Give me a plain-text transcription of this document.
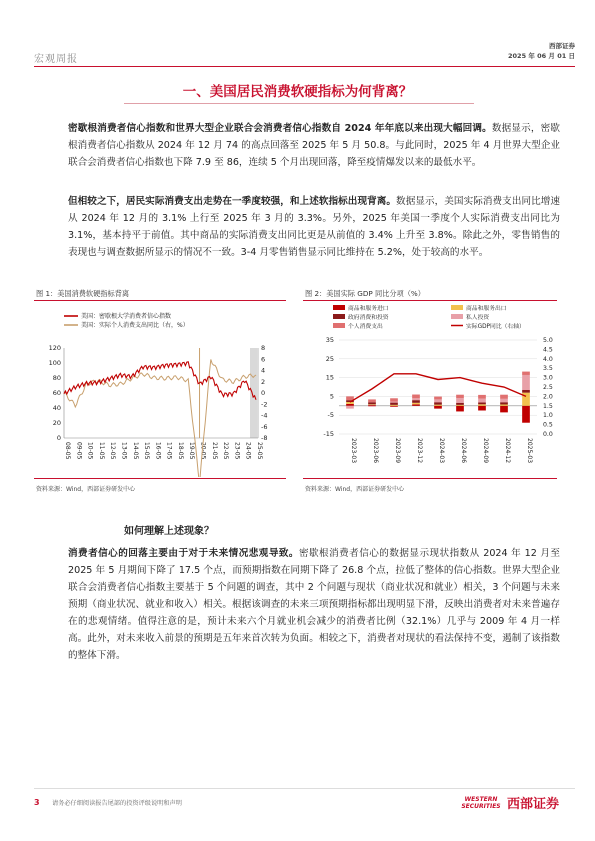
宏观周报
西部证券
2025 年 06 月 01 日
一、美国居民消费软硬指标为何背离？

密歇根消费者信心指数和世界大型企业联合会消费者信心指数自 2024 年年底以来出现大幅回调。数据显示，密歇根消费者信心指数从 2024 年 12 月 74 的高点回落至 2025 年 5 月 50.8。与此同时，2025 年 4 月世界大型企业联合会消费者信心指数也下降 7.9 至 86，连续 5 个月出现回落，降至疫情爆发以来的最低水平。

但相较之下，居民实际消费支出走势在一季度较强，和上述软指标出现背离。数据显示，美国实际消费支出同比增速从 2024 年 12 月的 3.1% 上行至 2025 年 3 月的 3.3%。另外，2025 年美国一季度个人实际消费支出同比为 3.1%，基本持平于前值。其中商品的实际消费支出同比更是从前值的 3.4% 上升至 3.8%。除此之外，零售销售的表现也与调查数据所显示的情况不一致。3-4 月零售销售显示同比维持在 5.2%，处于较高的水平。

图 1：美国消费软硬指标背离
美国：密歇根大学消费者信心指数
美国：实际个人消费支出同比（右，%）
120
100
80
60
40
20
0
8
6
4
2
0
-2
-4
-6
-8
08-05 09-05 10-05 11-05 12-05 13-05 14-05 15-05 16-05 17-05 18-05 19-05 20-05 21-05 22-05 23-05 24-05 25-05
资料来源：Wind，西部证券研发中心
图 2：美国实际 GDP 同比分项（%）
商品和服务进口	商品和服务出口
政府消费和投资	私人投资
个人消费支出	实际GDP同比（右轴）
35
25
15
5
-5
-15
5.0
4.5
4.0
3.5
3.0
2.5
2.0
1.5
1.0
0.5
0.0
2023-03	2023-06	2023-09	2023-12	2024-03	2024-06	2024-09	2024-12	2025-03
资料来源：Wind，西部证券研发中心
如何理解上述现象？

消费者信心的回落主要由于对于未来情况悲观导致。密歇根消费者信心的数据显示现状指数从 2024 年 12 月至 2025 年 5 月期间下降了 17.5 个点，而预期指数在同期下降了 26.8 个点，拉低了整体的信心指数。世界大型企业联合会消费者信心指数主要基于 5 个问题的调查，其中 2 个问题与现状（商业状况和就业）相关，3 个问题与未来预期（商业状况、就业和收入）相关。根据该调查的未来三项预期指标都出现明显下滑，反映出消费者对未来普遍存在的悲观情绪。值得注意的是，预计未来六个月就业机会减少的消费者比例（32.1%）几乎与 2009 年 4 月一样高。此外，对未来收入前景的预期是五年来首次转为负面。相较之下，消费者对现状的看法保持不变，遏制了该指数的整体下滑。

3 请务必仔细阅读报告尾部的投资评级说明和声明
WESTERN SECURITIES 西部证券
